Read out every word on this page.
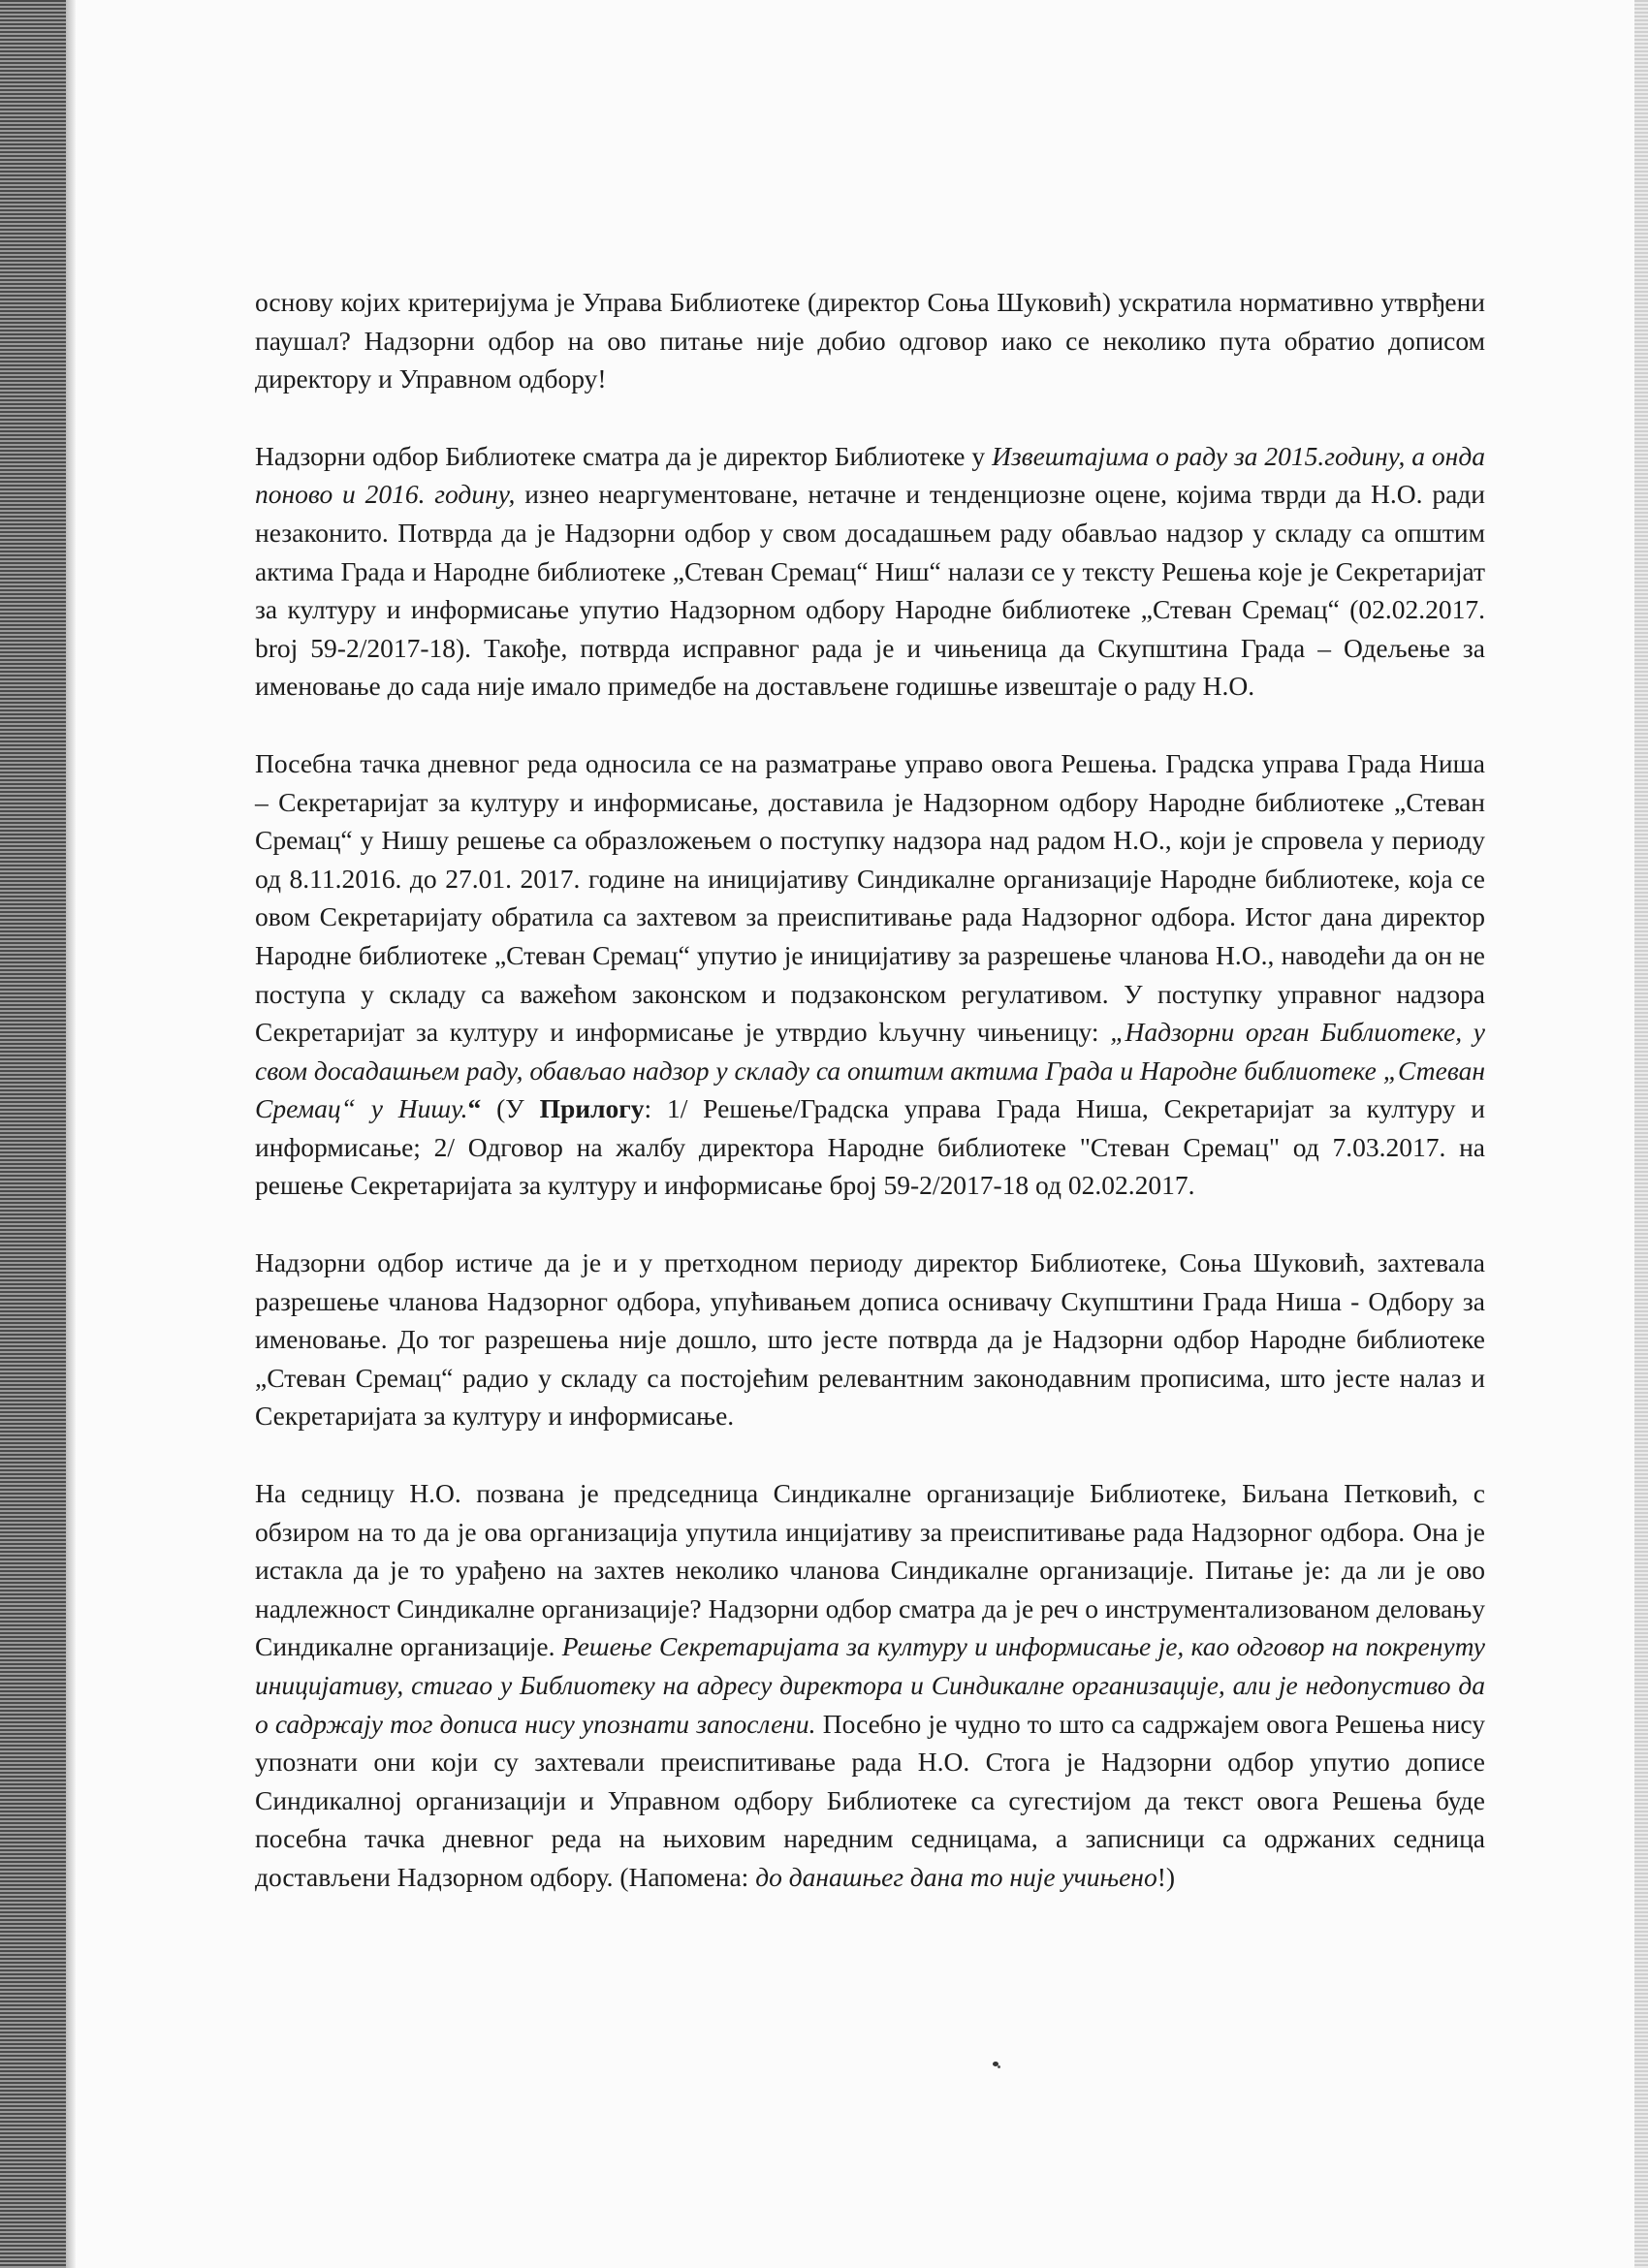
основу којих критеријума је Управа Библиотеке (директор Соња Шуковић) ускратила нормативно утврђени паушал? Надзорни одбор на ово питање није добио одговор иако се неколико пута обратио дописом директору и Управном одбору!

Надзорни одбор Библиотеке сматра да је директор Библиотеке у Извештајима о раду за 2015.годину, а онда поново и 2016. годину, изнео неаргументоване, нетачне и тенденциозне оцене, којима тврди да Н.О. ради незаконито. Потврда да је Надзорни одбор у свом досадашњем раду обављао надзор у складу са општим актима Града и Народне библиотеке „Стеван Сремац“ Ниш“ налази се у тексту Решења које је Секретаријат за културу и информисање упутио Надзорном одбору Народне библиотеке „Стеван Сремац“ (02.02.2017. broj 59-2/2017-18). Такође, потврда исправног рада је и чињеница да Скупштина Града – Одељење за именовање до сада није имало примедбе на достављене годишње извештаје о раду Н.О.

Посебна тачка дневног реда односила се на разматрање управо овога Решења. Градска управа Града Ниша – Секретаријат за културу и информисање, доставила је Надзорном одбору Народне библиотеке „Стеван Сремац“ у Нишу решење са образложењем о поступку надзора над радом Н.О., који је спровела у периоду од 8.11.2016. до 27.01. 2017. године на иницијативу Синдикалне организације Народне библиотеке, која се овом Секретаријату обратила са захтевом за преиспитивање рада Надзорног одбора. Истог дана директор Народне библиотеке „Стеван Сремац“ упутио је иницијативу за разрешење чланова Н.О., наводећи да он не поступа у складу са важећом законском и подзаконском регулативом. У поступку управног надзора Секретаријат за културу и информисање је утврдио kључну чињеницу: „Надзорни орган Библиотеке, у свом досадашњем раду, обављао надзор у складу са општим актима Града и Народне библиотеке „Стеван Сремац“ у Нишу.“ (У Прилогу: 1/ Решење/Градска управа Града Ниша, Секретаријат за културу и информисање; 2/ Одговор на жалбу директора Народне библиотеке "Стеван Сремац" од 7.03.2017. на решење Секретаријата за културу и информисање број 59-2/2017-18 од 02.02.2017.

Надзорни одбор истиче да је и у претходном периоду директор Библиотеке, Соња Шуковић, захтевала разрешење чланова Надзорног одбора, упућивањем дописа оснивачу Скупштини Града Ниша - Одбору за именовање. До тог разрешења није дошло, што јесте потврда да је Надзорни одбор Народне библиотеке „Стеван Сремац“ радио у складу са постојећим релевантним законодавним прописима, што јесте налаз и Секретаријата за културу и информисање.

На седницу Н.О. позвана је председница Синдикалне организације Библиотеке, Биљана Петковић, с обзиром на то да је ова организација упутила инцијативу за преиспитивање рада Надзорног одбора. Она је истакла да је то урађено на захтев неколико чланова Синдикалне организације. Питање је: да ли је ово надлежност Синдикалне организације? Надзорни одбор сматра да је реч о инструментализованом деловању Синдикалне организације. Решење Секретаријата за културу и информисање је, као одговор на покренуту иницијативу, стигао у Библиотеку на адресу директора и Синдикалне организације, али је недопустиво да о садржају тог дописа нису упознати запослени. Посебно је чудно то што са садржајем овога Решења нису упознати они који су захтевали преиспитивање рада Н.О. Стога је Надзорни одбор упутио дописе Синдикалној организацији и Управном одбору Библиотеке са сугестијом да текст овога Решења буде посебна тачка дневног реда на њиховим наредним седницама, а записници са одржаних седница достављени Надзорном одбору. (Напомена: до данашњег дана то није учињено!)
